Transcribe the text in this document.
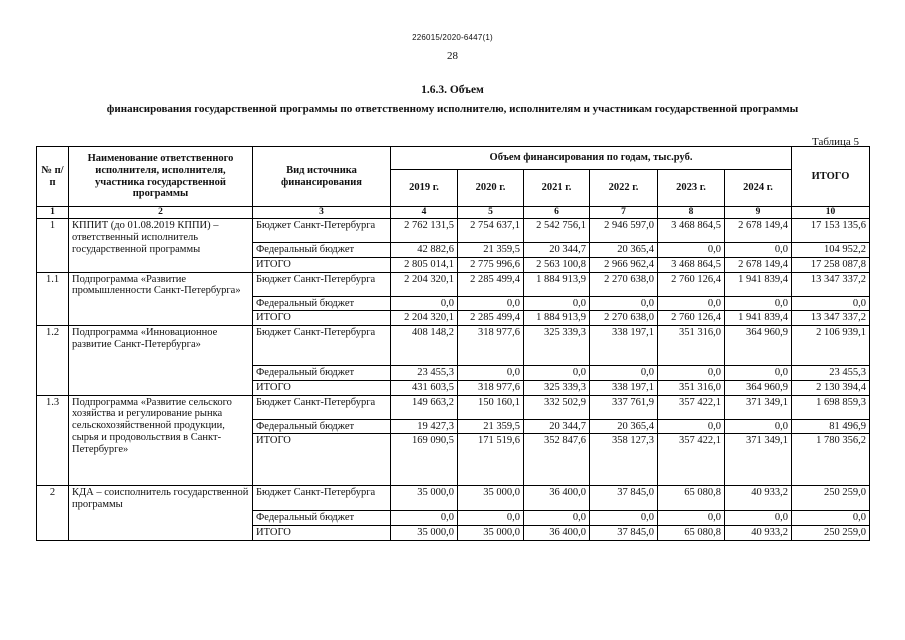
226015/2020-6447(1)
28
1.6.3. Объем
финансирования государственной программы по ответственному исполнителю, исполнителям и участникам государственной программы
Таблица 5
№ п/п	Наименование ответственного исполнителя, исполнителя, участника государственной программы	Вид источника финансирования	Объем финансирования по годам, тыс.руб.						ИТОГО
			2019 г.	2020 г.	2021 г.	2022 г.	2023 г.	2024 г.	
1	2	3	4	5	6	7	8	9	10
1	КППИТ (до 01.08.2019 КППИ) – ответственный исполнитель государственной программы	Бюджет Санкт-Петербурга	2 762 131,5	2 754 637,1	2 542 756,1	2 946 597,0	3 468 864,5	2 678 149,4	17 153 135,6
		Федеральный бюджет	42 882,6	21 359,5	20 344,7	20 365,4	0,0	0,0	104 952,2
		ИТОГО	2 805 014,1	2 775 996,6	2 563 100,8	2 966 962,4	3 468 864,5	2 678 149,4	17 258 087,8
1.1	Подпрограмма «Развитие промышленности Санкт-Петербурга»	Бюджет Санкт-Петербурга	2 204 320,1	2 285 499,4	1 884 913,9	2 270 638,0	2 760 126,4	1 941 839,4	13 347 337,2
		Федеральный бюджет	0,0	0,0	0,0	0,0	0,0	0,0	0,0
		ИТОГО	2 204 320,1	2 285 499,4	1 884 913,9	2 270 638,0	2 760 126,4	1 941 839,4	13 347 337,2
1.2	Подпрограмма «Инновационное развитие Санкт-Петербурга»	Бюджет Санкт-Петербурга	408 148,2	318 977,6	325 339,3	338 197,1	351 316,0	364 960,9	2 106 939,1
		Федеральный бюджет	23 455,3	0,0	0,0	0,0	0,0	0,0	23 455,3
		ИТОГО	431 603,5	318 977,6	325 339,3	338 197,1	351 316,0	364 960,9	2 130 394,4
1.3	Подпрограмма «Развитие сельского хозяйства и регулирование рынка сельскохозяйственной продукции, сырья и продовольствия в Санкт-Петербурге»	Бюджет Санкт-Петербурга	149 663,2	150 160,1	332 502,9	337 761,9	357 422,1	371 349,1	1 698 859,3
		Федеральный бюджет	19 427,3	21 359,5	20 344,7	20 365,4	0,0	0,0	81 496,9
		ИТОГО	169 090,5	171 519,6	352 847,6	358 127,3	357 422,1	371 349,1	1 780 356,2
2	КДА – соисполнитель государственной программы	Бюджет Санкт-Петербурга	35 000,0	35 000,0	36 400,0	37 845,0	65 080,8	40 933,2	250 259,0
		Федеральный бюджет	0,0	0,0	0,0	0,0	0,0	0,0	0,0
		ИТОГО	35 000,0	35 000,0	36 400,0	37 845,0	65 080,8	40 933,2	250 259,0
